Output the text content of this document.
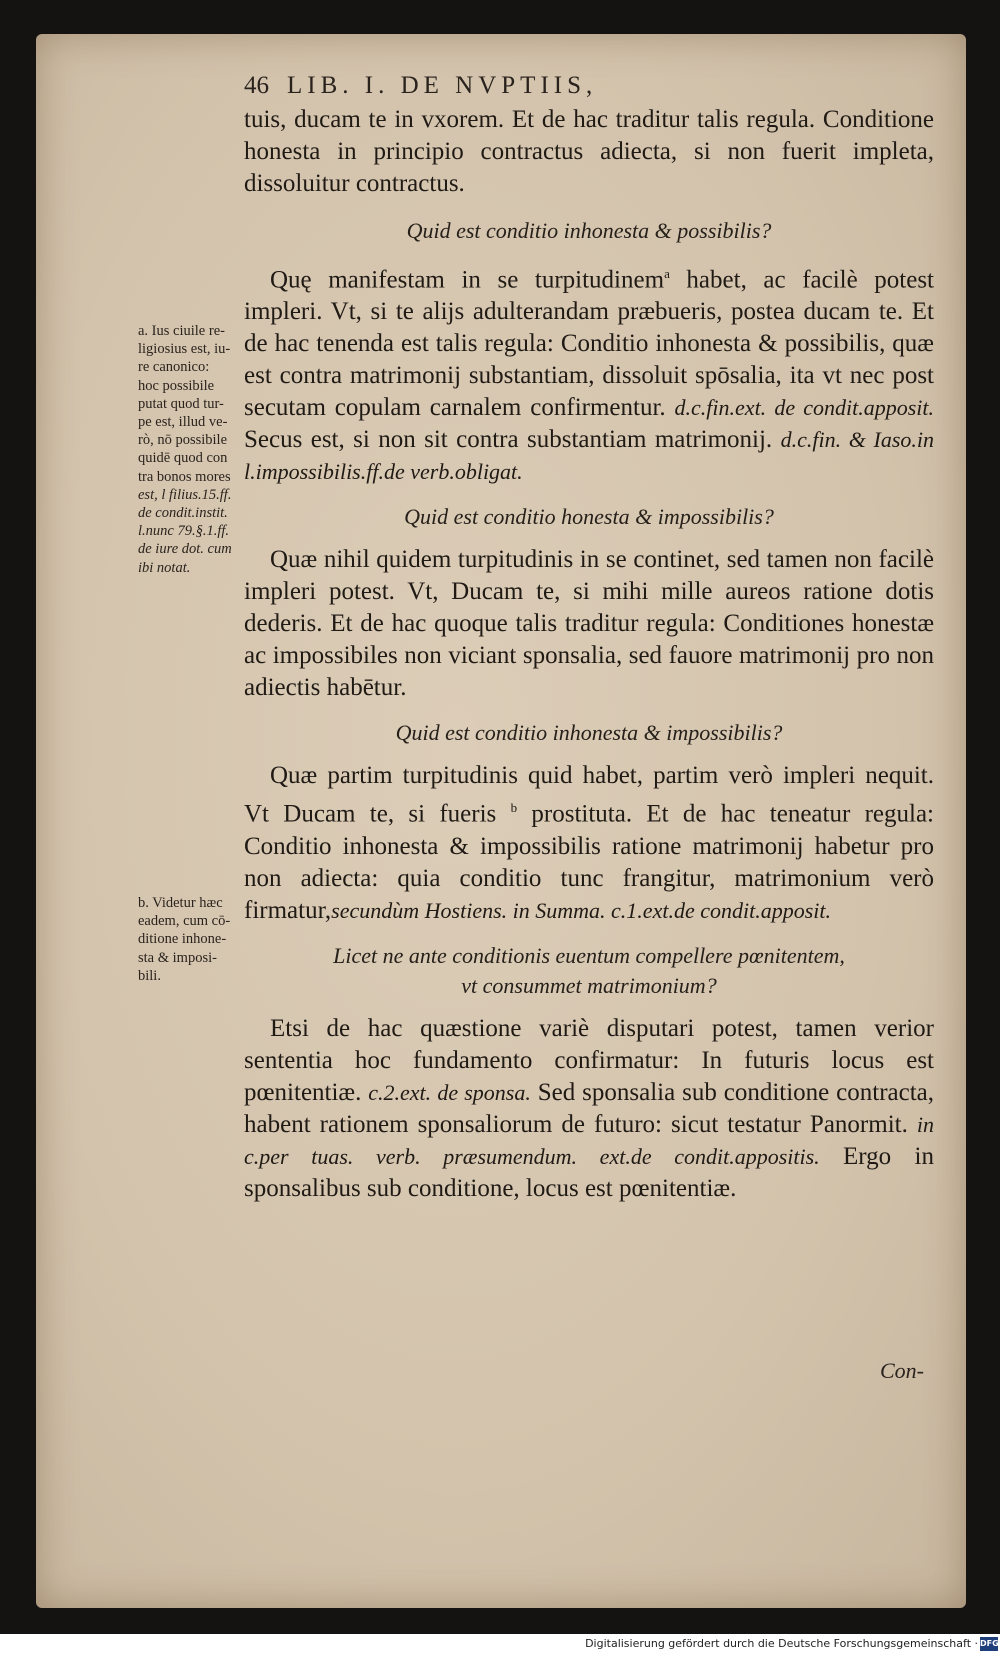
46 LIB. I. DE NVPTIIS,

tuis, ducam te in vxorem. Et de hac traditur talis regula. Conditione honesta in principio contractus adiecta, si non fuerit impleta, dissoluitur contractus.

Quid est conditio inhonesta & possibilis?

Quę manifestam in se turpitudinem$^a$ habet, ac facilè potest impleri. Vt, si te alijs adulterandam præbueris, postea ducam te. Et de hac tenenda est talis regula: Conditio inhonesta & possibilis, quæ est contra matrimonij substantiam, dissoluit spōsalia, ita vt nec post secutam copulam carnalem confirmentur. d.c.fin.ext. de condit.apposit. Secus est, si non sit contra substantiam matrimonij. d.c.fin. & Iaso.in l.impossibilis.ff.de verb.obligat.

Quid est conditio honesta & impossibilis?

Quæ nihil quidem turpitudinis in se continet, sed tamen non facilè impleri potest. Vt, Ducam te, si mihi mille aureos ratione dotis dederis. Et de hac quoque talis traditur regula: Conditiones honestæ ac impossibiles non viciant sponsalia, sed fauore matrimonij pro non adiectis habētur.

Quid est conditio inhonesta & impossibilis?

Quæ partim turpitudinis quid habet, partim verò impleri nequit. Vt Ducam te, si fueris $^b$ prostituta. Et de hac teneatur regula: Conditio inhonesta & impossibilis ratione matrimonij habetur pro non adiecta: quia conditio tunc frangitur, matrimonium verò firmatur,secundùm Hostiens. in Summa. c.1.ext.de condit.apposit.

Licet ne ante conditionis euentum compellere pœnitentem,
vt consummet matrimonium?

Etsi de hac quæstione variè disputari potest, tamen verior sententia hoc fundamento confirmatur: In futuris locus est pœnitentiæ. c.2.ext. de sponsa. Sed sponsalia sub conditione contracta, habent rationem sponsaliorum de futuro: sicut testatur Panormit. in c.per tuas. verb. præsumendum. ext.de condit.appositis. Ergo in sponsalibus sub conditione, locus est pœnitentiæ.

Con-
a. Ius ciuile re-
ligiosius est, iu-
re canonico:
hoc possibile
putat quod tur-
pe est, illud ve-
rò, nō possibile
quidē quod con
tra bonos mores
est, l filius.15.ff.
de condit.instit.
l.nunc 79.§.1.ff.
de iure dot. cum
ibi notat.
b. Videtur hæc
eadem, cum cō-
ditione inhone-
sta & imposi-
bili.
Digitalisierung gefördert durch die Deutsche Forschungsgemeinschaft · DFG
